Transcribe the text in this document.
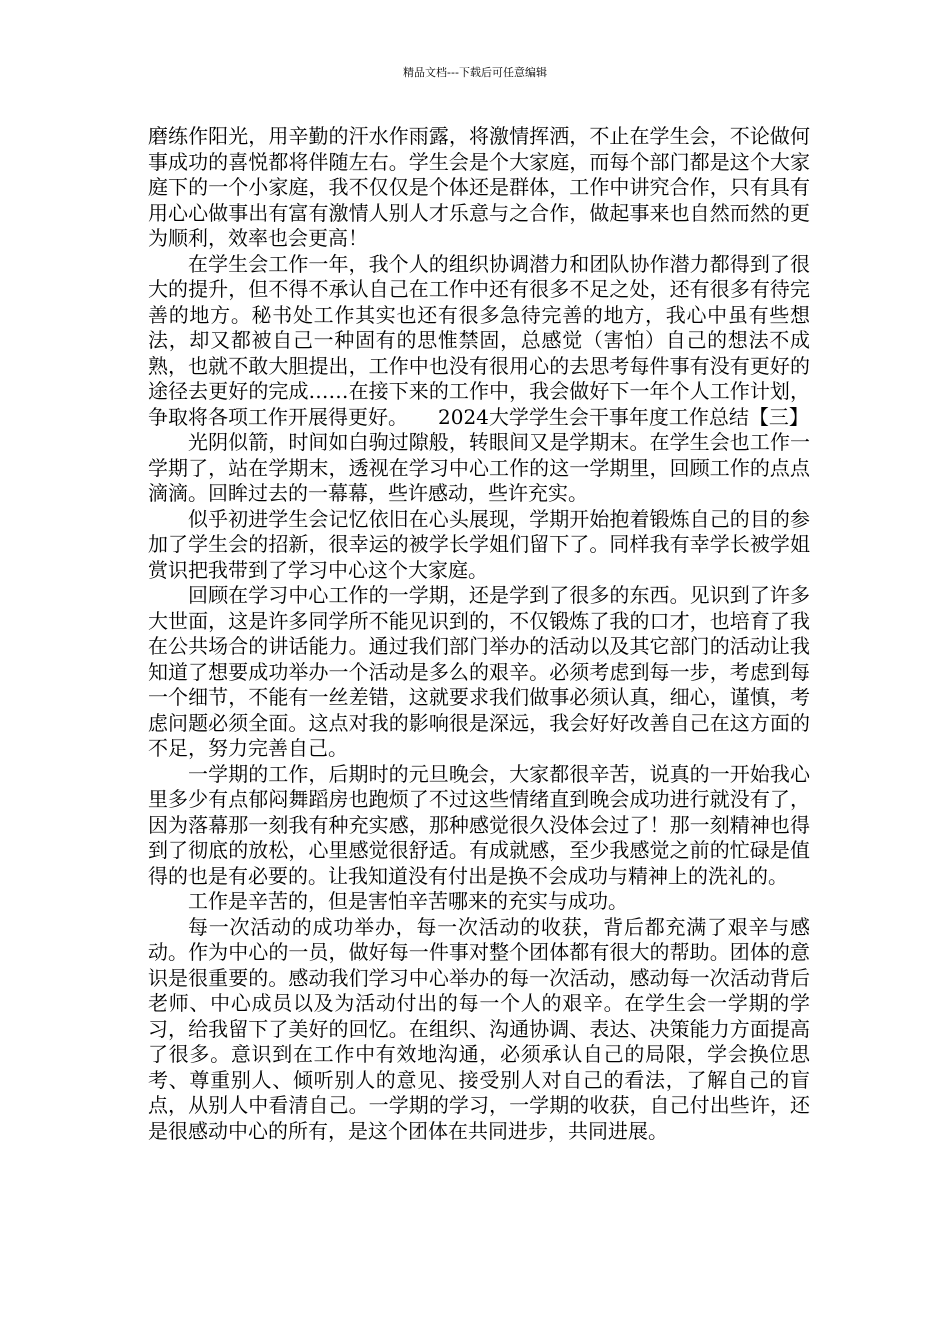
精品文档---下载后可任意编辑

磨练作阳光，用辛勤的汗水作雨露，将激情挥洒，不止在学生会，不论做何事成功的喜悦都将伴随左右。学生会是个大家庭，而每个部门都是这个大家庭下的一个小家庭，我不仅仅是个体还是群体，工作中讲究合作，只有具有用心心做事出有富有激情人别人才乐意与之合作，做起事来也自然而然的更为顺利，效率也会更高！

在学生会工作一年，我个人的组织协调潜力和团队协作潜力都得到了很大的提升，但不得不承认自己在工作中还有很多不足之处，还有很多有待完善的地方。秘书处工作其实也还有很多急待完善的地方，我心中虽有些想法，却又都被自己一种固有的思惟禁固，总感觉（害怕）自己的想法不成熟，也就不敢大胆提出，工作中也没有很用心的去思考每件事有没有更好的途径去更好的完成……在接下来的工作中，我会做好下一年个人工作计划，争取将各项工作开展得更好。　　2024大学学生会干事年度工作总结【三】

光阴似箭，时间如白驹过隙般，转眼间又是学期末。在学生会也工作一学期了，站在学期末，透视在学习中心工作的这一学期里，回顾工作的点点滴滴。回眸过去的一幕幕，些许感动，些许充实。

似乎初进学生会记忆依旧在心头展现，学期开始抱着锻炼自己的目的参加了学生会的招新，很幸运的被学长学姐们留下了。同样我有幸学长被学姐赏识把我带到了学习中心这个大家庭。

回顾在学习中心工作的一学期，还是学到了很多的东西。见识到了许多大世面，这是许多同学所不能见识到的，不仅锻炼了我的口才，也培育了我在公共场合的讲话能力。通过我们部门举办的活动以及其它部门的活动让我知道了想要成功举办一个活动是多么的艰辛。必须考虑到每一步，考虑到每一个细节，不能有一丝差错，这就要求我们做事必须认真，细心，谨慎，考虑问题必须全面。这点对我的影响很是深远，我会好好改善自己在这方面的不足，努力完善自己。

一学期的工作，后期时的元旦晚会，大家都很辛苦，说真的一开始我心里多少有点郁闷舞蹈房也跑烦了不过这些情绪直到晚会成功进行就没有了，因为落幕那一刻我有种充实感，那种感觉很久没体会过了！那一刻精神也得到了彻底的放松，心里感觉很舒适。有成就感，至少我感觉之前的忙碌是值得的也是有必要的。让我知道没有付出是换不会成功与精神上的洗礼的。

工作是辛苦的，但是害怕辛苦哪来的充实与成功。

每一次活动的成功举办，每一次活动的收获，背后都充满了艰辛与感动。作为中心的一员，做好每一件事对整个团体都有很大的帮助。团体的意识是很重要的。感动我们学习中心举办的每一次活动，感动每一次活动背后老师、中心成员以及为活动付出的每一个人的艰辛。在学生会一学期的学习，给我留下了美好的回忆。在组织、沟通协调、表达、决策能力方面提高了很多。意识到在工作中有效地沟通，必须承认自己的局限，学会换位思考、尊重别人、倾听别人的意见、接受别人对自己的看法，了解自己的盲点，从别人中看清自己。一学期的学习，一学期的收获，自己付出些许，还是很感动中心的所有，是这个团体在共同进步，共同进展。
